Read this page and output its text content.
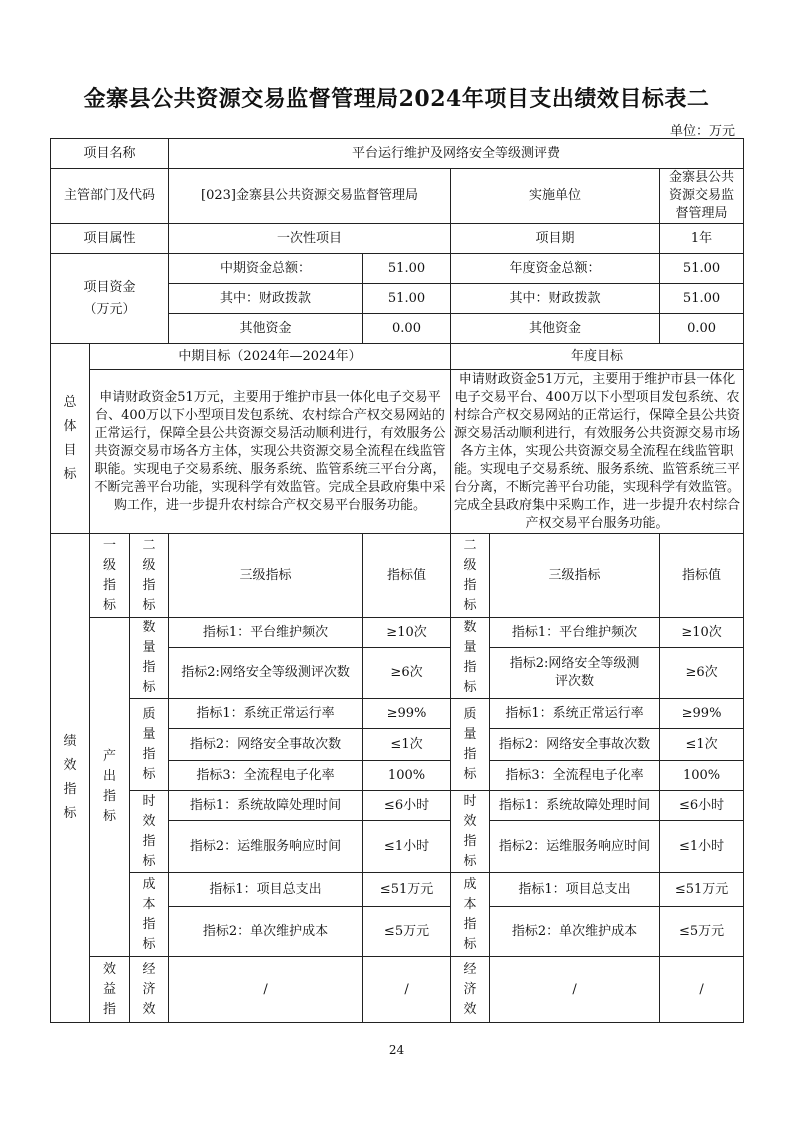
金寨县公共资源交易监督管理局2024年项目支出绩效目标表二
单位：万元
项目名称			平台运行维护及网络安全等级测评费				
主管部门及代码			[023]金寨县公共资源交易监督管理局		实施单位		金寨县公共资源交易监督管理局
项目属性			一次性项目		项目期		1年
项目资金（万元）			中期资金总额：	51.00	年度资金总额：		51.00
			其中：财政拨款	51.00	其中：财政拨款		51.00
			其他资金	0.00	其他资金		0.00
总体目标	中期目标（2024年—2024年）				年度目标		
	申请财政资金51万元，主要用于维护市县一体化电子交易平台、400万以下小型项目发包系统、农村综合产权交易网站的正常运行，保障全县公共资源交易活动顺利进行，有效服务公共资源交易市场各方主体，实现公共资源交易全流程在线监管职能。实现电子交易系统、服务系统、监管系统三平台分离，不断完善平台功能，实现科学有效监管。完成全县政府集中采购工作，进一步提升农村综合产权交易平台服务功能。				申请财政资金51万元，主要用于维护市县一体化电子交易平台、400万以下小型项目发包系统、农村综合产权交易网站的正常运行，保障全县公共资源交易活动顺利进行，有效服务公共资源交易市场各方主体，实现公共资源交易全流程在线监管职能。实现电子交易系统、服务系统、监管系统三平台分离，不断完善平台功能，实现科学有效监管。完成全县政府集中采购工作，进一步提升农村综合产权交易平台服务功能。		
绩效指标	一级指标	二级指标	三级指标	指标值	二级指标	三级指标	指标值
	产出指标	数量指标	指标1：平台维护频次	≥10次	数量指标	指标1：平台维护频次	≥10次
			指标2:网络安全等级测评次数	≥6次		指标2:网络安全等级测评次数	≥6次
		质量指标	指标1：系统正常运行率	≥99%	质量指标	指标1：系统正常运行率	≥99%
			指标2：网络安全事故次数	≤1次		指标2：网络安全事故次数	≤1次
			指标3：全流程电子化率	100%		指标3：全流程电子化率	100%
		时效指标	指标1：系统故障处理时间	≤6小时	时效指标	指标1：系统故障处理时间	≤6小时
			指标2：运维服务响应时间	≤1小时		指标2：运维服务响应时间	≤1小时
		成本指标	指标1：项目总支出	≤51万元	成本指标	指标1：项目总支出	≤51万元
			指标2：单次维护成本	≤5万元		指标2：单次维护成本	≤5万元
	效益指	经济效	/	/	经济效	/	/
24
